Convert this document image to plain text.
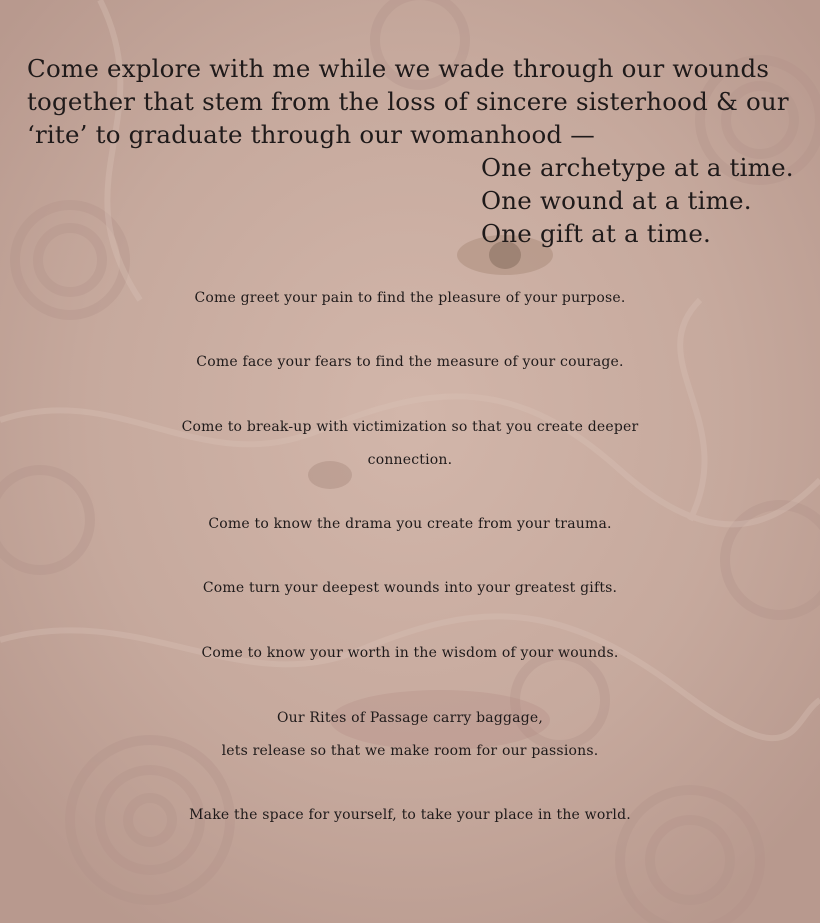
Come explore with me while we wade through our wounds
together that stem from the loss of sincere sisterhood & our
‘rite’ to graduate through our womanhood —
One archetype at a time.
One wound at a time.
One gift at a time.
Come greet your pain to find the pleasure of your purpose.
Come face your fears to find the measure of your courage.
Come to break-up with victimization so that you create deeper
connection.
Come to know the drama you create from your trauma.
Come turn your deepest wounds into your greatest gifts.
Come to know your worth in the wisdom of your wounds.
Our Rites of Passage carry baggage,
lets release so that we make room for our passions.
Make the space for yourself, to take your place in the world.
